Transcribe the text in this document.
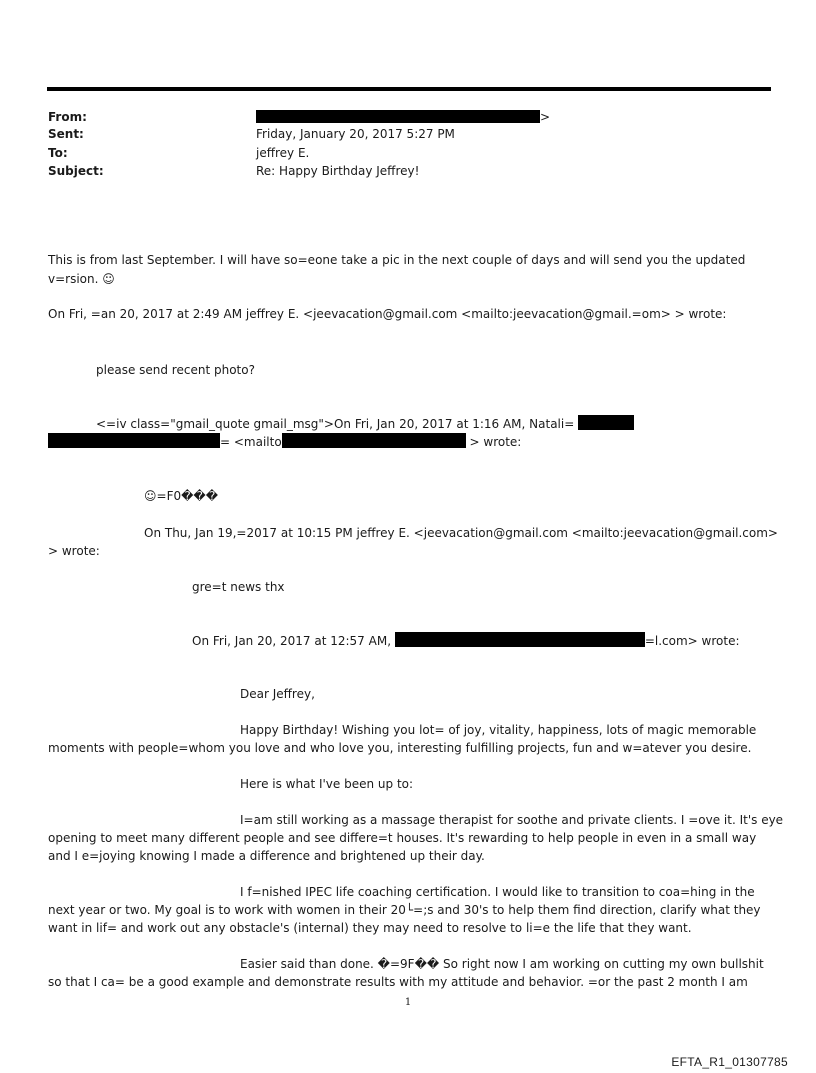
From:	>
Sent:	Friday, January 20, 2017 5:27 PM
To:	jeffrey E.
Subject:	Re: Happy Birthday Jeffrey!
This is from last September. I will have so=eone take a pic in the next couple of days and will send you the updated
v=rsion. ☺
On Fri, =an 20, 2017 at 2:49 AM jeffrey E. <jeevacation@gmail.com <mailto:jeevacation@gmail.=om> > wrote:
please send recent photo?
<=iv class="gmail_quote gmail_msg">On Fri, Jan 20, 2017 at 1:16 AM, Natali=
= <mailto	> wrote:
☺=F0���
On Thu, Jan 19,=2017 at 10:15 PM jeffrey E. <jeevacation@gmail.com <mailto:jeevacation@gmail.com>
> wrote:
gre=t news thx
On Fri, Jan 20, 2017 at 12:57 AM,	=l.com> wrote:
Dear Jeffrey,
Happy Birthday! Wishing you lot= of joy, vitality, happiness, lots of magic memorable
moments with people=whom you love and who love you, interesting fulfilling projects, fun and w=atever you desire.
Here is what I've been up to:
I=am still working as a massage therapist for soothe and private clients. I =ove it. It's eye
opening to meet many different people and see differe=t houses. It's rewarding to help people in even in a small way
and I e=joying knowing I made a difference and brightened up their day.
I f=nished IPEC life coaching certification. I would like to transition to coa=hing in the
next year or two. My goal is to work with women in their 20└=;s and 30's to help them find direction, clarify what they
want in lif= and work out any obstacle's (internal) they may need to resolve to li=e the life that they want.
Easier said than done. �=9F�� So right now I am working on cutting my own bullshit
so that I ca= be a good example and demonstrate results with my attitude and behavior. =or the past 2 month I am
1
EFTA_R1_01307785
